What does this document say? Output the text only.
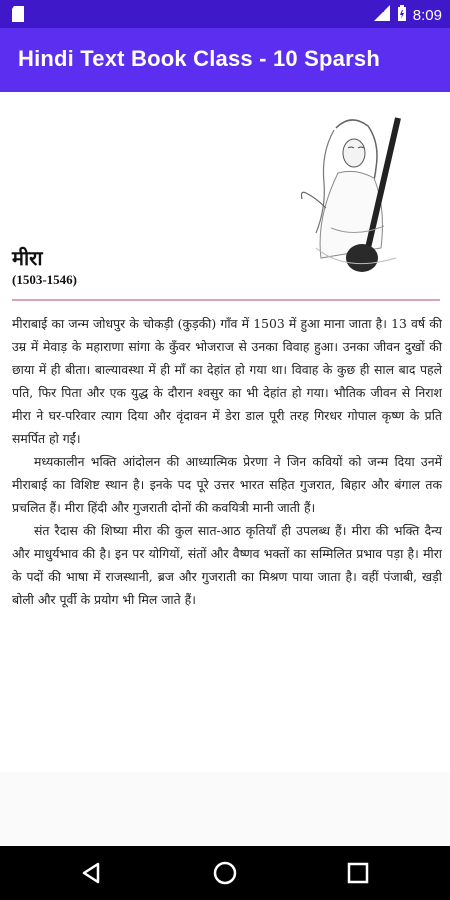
LTE 8:09
Hindi Text Book Class - 10 Sparsh
मीरा
(1503-1546)

मीराबाई का जन्म जोधपुर के चोकड़ी (कुड़की) गाँव में 1503 में हुआ माना जाता है। 13 वर्ष की उम्र में मेवाड़ के महाराणा सांगा के कुँवर भोजराज से उनका विवाह हुआ। उनका जीवन दुखों की छाया में ही बीता। बाल्यावस्था में ही माँ का देहांत हो गया था। विवाह के कुछ ही साल बाद पहले पति, फिर पिता और एक युद्ध के दौरान श्वसुर का भी देहांत हो गया। भौतिक जीवन से निराश मीरा ने घर-परिवार त्याग दिया और वृंदावन में डेरा डाल पूरी तरह गिरधर गोपाल कृष्ण के प्रति समर्पित हो गईं।

मध्यकालीन भक्ति आंदोलन की आध्यात्मिक प्रेरणा ने जिन कवियों को जन्म दिया उनमें मीराबाई का विशिष्ट स्थान है। इनके पद पूरे उत्तर भारत सहित गुजरात, बिहार और बंगाल तक प्रचलित हैं। मीरा हिंदी और गुजराती दोनों की कवयित्री मानी जाती हैं।

संत रैदास की शिष्या मीरा की कुल सात-आठ कृतियाँ ही उपलब्ध हैं। मीरा की भक्ति दैन्य और माधुर्यभाव की है। इन पर योगियों, संतों और वैष्णव भक्तों का सम्मिलित प्रभाव पड़ा है। मीरा के पदों की भाषा में राजस्थानी, ब्रज और गुजराती का मिश्रण पाया जाता है। वहीं पंजाबी, खड़ी बोली और पूर्वी के प्रयोग भी मिल जाते हैं।
